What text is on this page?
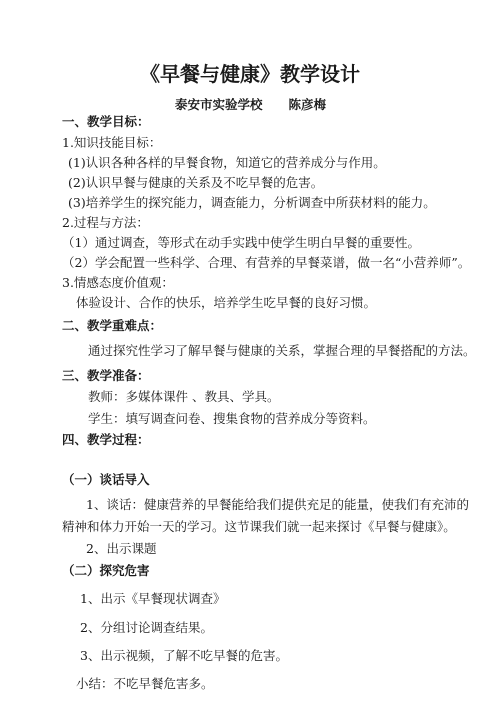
《早餐与健康》教学设计
泰安市实验学校 陈彦梅
一、教学目标：
1.知识技能目标：
(1)认识各种各样的早餐食物，知道它的营养成分与作用。
(2)认识早餐与健康的关系及不吃早餐的危害。
(3)培养学生的探究能力，调查能力，分析调查中所获材料的能力。
2.过程与方法：
（1）通过调查，等形式在动手实践中使学生明白早餐的重要性。
（2）学会配置一些科学、合理、有营养的早餐菜谱，做一名“小营养师”。
3.情感态度价值观：
体验设计、合作的快乐，培养学生吃早餐的良好习惯。
二、教学重难点：
通过探究性学习了解早餐与健康的关系，掌握合理的早餐搭配的方法。
三、教学准备：
教师：多媒体课件 、教具、学具。
学生：填写调查问卷、搜集食物的营养成分等资料。
四、教学过程：
（一）谈话导入
1、谈话：健康营养的早餐能给我们提供充足的能量，使我们有充沛的
精神和体力开始一天的学习。这节课我们就一起来探讨《早餐与健康》。
2、出示课题
（二）探究危害
1、出示《早餐现状调查》
2、分组讨论调查结果。
3、出示视频，了解不吃早餐的危害。
小结：不吃早餐危害多。
